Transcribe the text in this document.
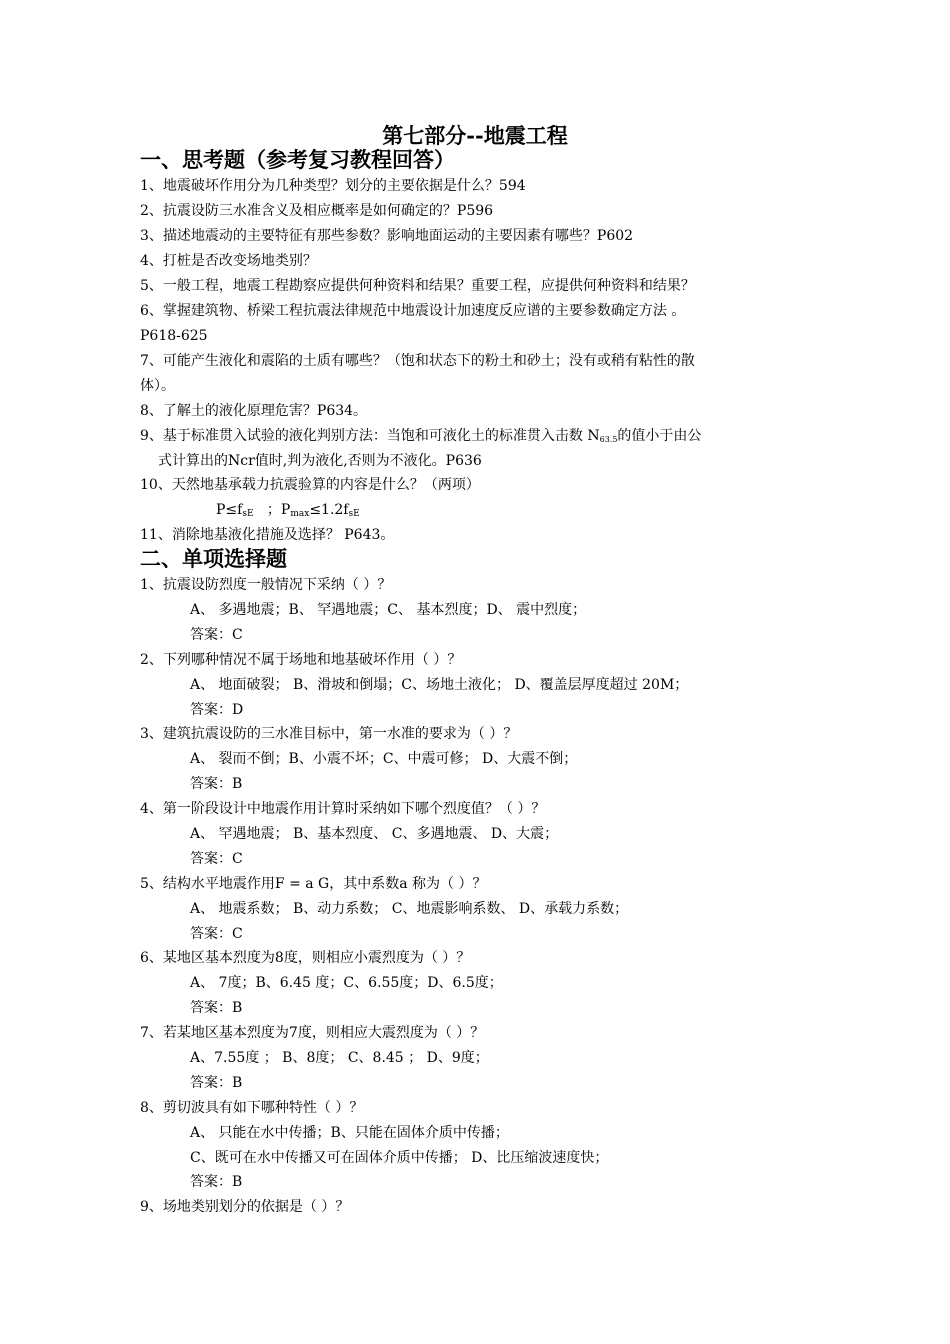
第七部分--地震工程
一、思考题（参考复习教程回答）
1、地震破坏作用分为几种类型？划分的主要依据是什么？594
2、抗震设防三水准含义及相应概率是如何确定的？P596
3、描述地震动的主要特征有那些参数？影响地面运动的主要因素有哪些？P602
4、打桩是否改变场地类别？
5、一般工程，地震工程勘察应提供何种资料和结果？重要工程，应提供何种资料和结果？
6、掌握建筑物、桥梁工程抗震法律规范中地震设计加速度反应谱的主要参数确定方法 。
P618-625
7、可能产生液化和震陷的土质有哪些？（饱和状态下的粉土和砂土；没有或稍有粘性的散
体）。
8、了解土的液化原理危害？P634。
9、基于标准贯入试验的液化判别方法：当饱和可液化土的标准贯入击数 N63.5的值小于由公
式计算出的Ncr值时,判为液化,否则为不液化。P636
10、天然地基承载力抗震验算的内容是什么？（两项）
$P\le f_{sE}$   ；$P_{max}\le 1.2f_{sE}$
11、消除地基液化措施及选择？ P643。
二、单项选择题
1、抗震设防烈度一般情况下采纳（ ）？
A、 多遇地震；B、 罕遇地震；C、 基本烈度；D、 震中烈度；
答案：C
2、下列哪种情况不属于场地和地基破坏作用（ ）？
A、 地面破裂； B、滑坡和倒塌；C、场地土液化； D、覆盖层厚度超过 20M；
答案：D
3、建筑抗震设防的三水准目标中，第一水准的要求为（ ）？
A、 裂而不倒；B、小震不坏；C、中震可修； D、大震不倒；
答案：B
4、第一阶段设计中地震作用计算时采纳如下哪个烈度值？（ ）？
A、 罕遇地震； B、基本烈度、 C、多遇地震、 D、大震；
答案：C
5、结构水平地震作用F = a G，其中系数a 称为（ ）？
A、 地震系数； B、动力系数； C、地震影响系数、 D、承载力系数；
答案：C
6、某地区基本烈度为8度，则相应小震烈度为（ ）？
A、 7度；B、6.45 度；C、6.55度；D、6.5度；
答案：B
7、若某地区基本烈度为7度，则相应大震烈度为（ ）？
A、7.55度 ； B、8度； C、8.45 ； D、9度；
答案：B
8、剪切波具有如下哪种特性（ ）？
A、 只能在水中传播；B、只能在固体介质中传播；
C、既可在水中传播又可在固体介质中传播； D、比压缩波速度快；
答案：B
9、场地类别划分的依据是（ ）？
